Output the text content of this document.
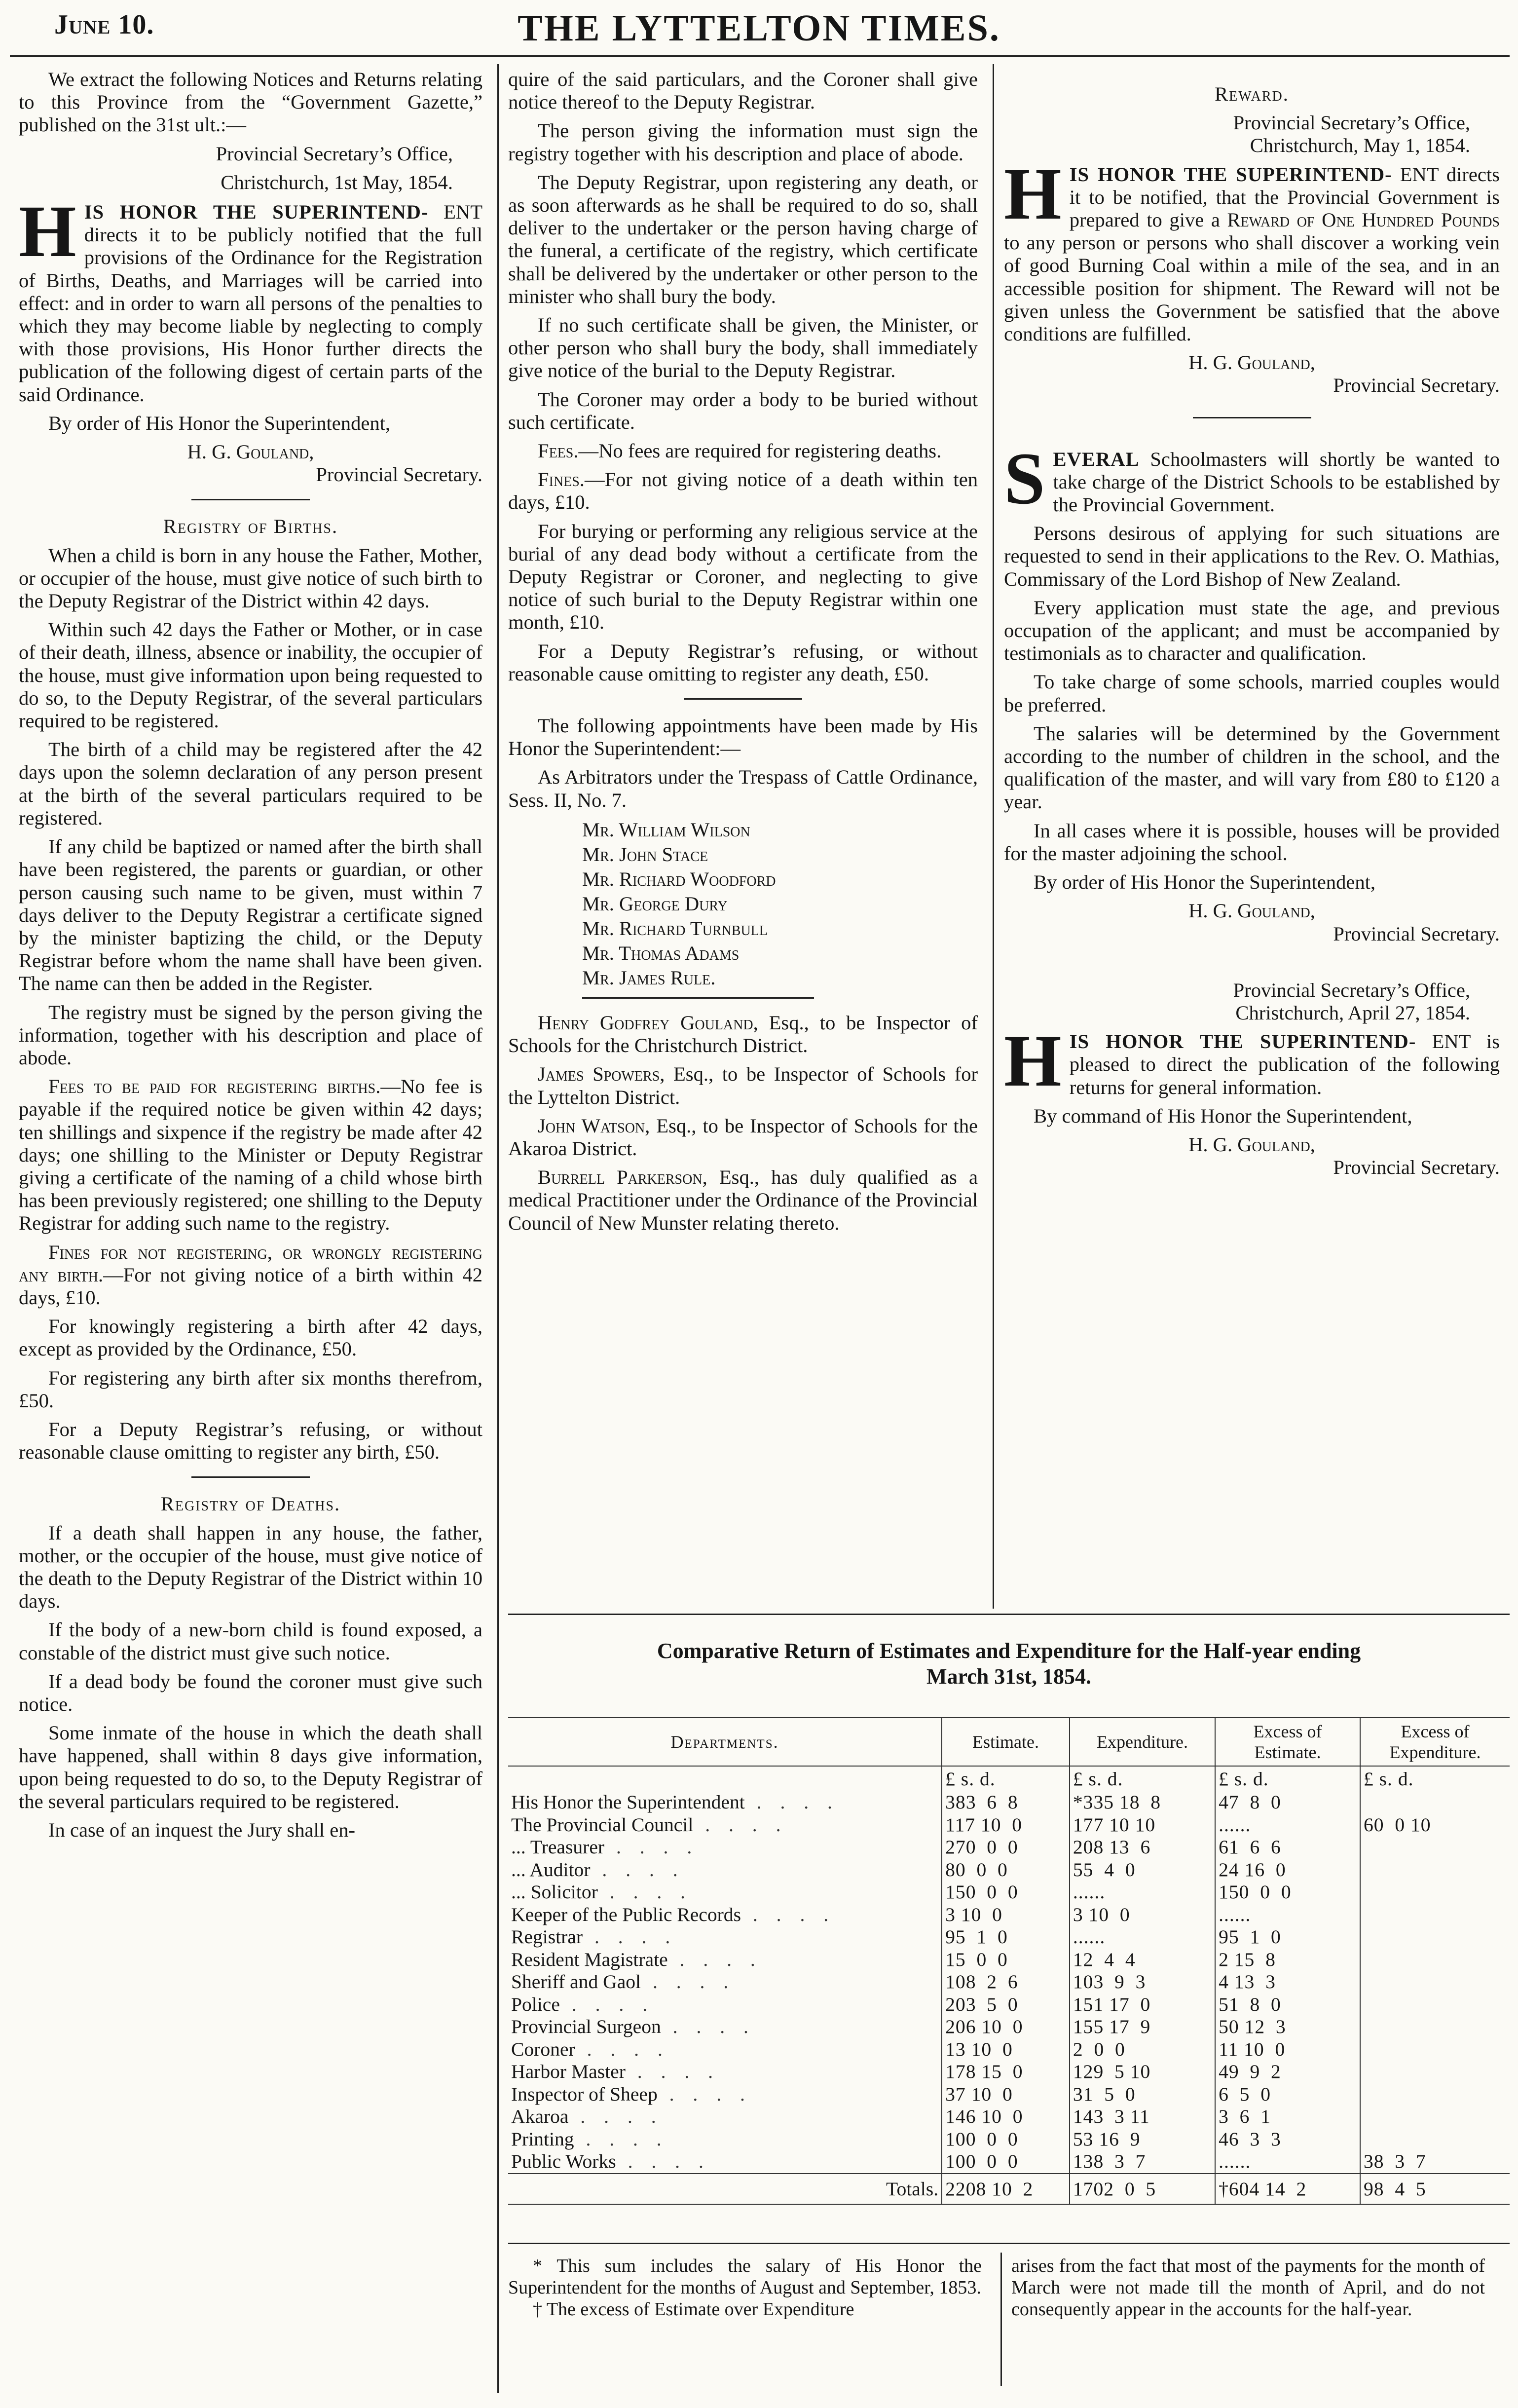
June 10.	THE LYTTELTON TIMES.

We extract the following Notices and Returns relating to this Province from the “Government Gazette,” published on the 31st ult.:—

Provincial Secretary’s Office,

Christchurch, 1st May, 1854.

H IS HONOR THE SUPERINTEND- ENT directs it to be publicly notified that the full provisions of the Ordinance for the Registration of Births, Deaths, and Marriages will be carried into effect: and in order to warn all persons of the penalties to which they may become liable by neglecting to comply with those provisions, His Honor further directs the publication of the following digest of certain parts of the said Ordinance.

By order of His Honor the Superintendent,

H. G. Gouland,

Provincial Secretary.

Registry of Births.

When a child is born in any house the Father, Mother, or occupier of the house, must give notice of such birth to the Deputy Registrar of the District within 42 days.

Within such 42 days the Father or Mother, or in case of their death, illness, absence or inability, the occupier of the house, must give information upon being requested to do so, to the Deputy Registrar, of the several particulars required to be registered.

The birth of a child may be registered after the 42 days upon the solemn declaration of any person present at the birth of the several particulars required to be registered.

If any child be baptized or named after the birth shall have been registered, the parents or guardian, or other person causing such name to be given, must within 7 days deliver to the Deputy Registrar a certificate signed by the minister baptizing the child, or the Deputy Registrar before whom the name shall have been given. The name can then be added in the Register.

The registry must be signed by the person giving the information, together with his description and place of abode.

Fees to be paid for registering births.—No fee is payable if the required notice be given within 42 days; ten shillings and sixpence if the registry be made after 42 days; one shilling to the Minister or Deputy Registrar giving a certificate of the naming of a child whose birth has been previously registered; one shilling to the Deputy Registrar for adding such name to the registry.

Fines for not registering, or wrongly registering any birth.—For not giving notice of a birth within 42 days, £10.

For knowingly registering a birth after 42 days, except as provided by the Ordinance, £50.

For registering any birth after six months therefrom, £50.

For a Deputy Registrar’s refusing, or without reasonable clause omitting to register any birth, £50.

Registry of Deaths.

If a death shall happen in any house, the father, mother, or the occupier of the house, must give notice of the death to the Deputy Registrar of the District within 10 days.

If the body of a new-born child is found exposed, a constable of the district must give such notice.

If a dead body be found the coroner must give such notice.

Some inmate of the house in which the death shall have happened, shall within 8 days give information, upon being requested to do so, to the Deputy Registrar of the several particulars required to be registered.

In case of an inquest the Jury shall en-

quire of the said particulars, and the Coroner shall give notice thereof to the Deputy Registrar.

The person giving the information must sign the registry together with his description and place of abode.

The Deputy Registrar, upon registering any death, or as soon afterwards as he shall be required to do so, shall deliver to the undertaker or the person having charge of the funeral, a certificate of the registry, which certificate shall be delivered by the undertaker or other person to the minister who shall bury the body.

If no such certificate shall be given, the Minister, or other person who shall bury the body, shall immediately give notice of the burial to the Deputy Registrar.

The Coroner may order a body to be buried without such certificate.

Fees.—No fees are required for registering deaths.

Fines.—For not giving notice of a death within ten days, £10.

For burying or performing any religious service at the burial of any dead body without a certificate from the Deputy Registrar or Coroner, and neglecting to give notice of such burial to the Deputy Registrar within one month, £10.

For a Deputy Registrar’s refusing, or without reasonable cause omitting to register any death, £50.

The following appointments have been made by His Honor the Superintendent:—

As Arbitrators under the Trespass of Cattle Ordinance, Sess. II, No. 7.

Mr. William Wilson
Mr. John Stace
Mr. Richard Woodford
Mr. George Dury
Mr. Richard Turnbull
Mr. Thomas Adams
Mr. James Rule.

Henry Godfrey Gouland, Esq., to be Inspector of Schools for the Christchurch District.

James Spowers, Esq., to be Inspector of Schools for the Lyttelton District.

John Watson, Esq., to be Inspector of Schools for the Akaroa District.

Burrell Parkerson, Esq., has duly qualified as a medical Practitioner under the Ordinance of the Provincial Council of New Munster relating thereto.

Reward.

Provincial Secretary’s Office,

Christchurch, May 1, 1854.

H IS HONOR THE SUPERINTEND- ENT directs it to be notified, that the Provincial Government is prepared to give a Reward of One Hundred Pounds to any person or persons who shall discover a working vein of good Burning Coal within a mile of the sea, and in an accessible position for shipment. The Reward will not be given unless the Government be satisfied that the above conditions are fulfilled.

H. G. Gouland,

Provincial Secretary.

S EVERAL Schoolmasters will shortly be wanted to take charge of the District Schools to be established by the Provincial Government.

Persons desirous of applying for such situations are requested to send in their applications to the Rev. O. Mathias, Commissary of the Lord Bishop of New Zealand.

Every application must state the age, and previous occupation of the applicant; and must be accompanied by testimonials as to character and qualification.

To take charge of some schools, married couples would be preferred.

The salaries will be determined by the Government according to the number of children in the school, and the qualification of the master, and will vary from £80 to £120 a year.

In all cases where it is possible, houses will be provided for the master adjoining the school.

By order of His Honor the Superintendent,

H. G. Gouland,

Provincial Secretary.

Provincial Secretary’s Office,

Christchurch, April 27, 1854.

H IS HONOR THE SUPERINTEND- ENT is pleased to direct the publication of the following returns for general information.

By command of His Honor the Superintendent,

H. G. Gouland,

Provincial Secretary.

Comparative Return of Estimates and Expenditure for the Half-year ending
March 31st, 1854.
Departments.	Estimate.	Expenditure.	Excess of Estimate.	Excess of Expenditure.
	£ s. d.	£ s. d.	£ s. d.	£ s. d.
His Honor the Superintendent . . . .	383  6  8	*335 18  8	47  8  0	
The Provincial Council . . . .	117 10  0	177 10 10	......	60  0 10
... Treasurer . . . .	270  0  0	208 13  6	61  6  6	
... Auditor . . . .	80  0  0	55  4  0	24 16  0	
... Solicitor . . . .	150  0  0	......	150  0  0	
Keeper of the Public Records . . . .	3 10  0	3 10  0	......	
Registrar . . . .	95  1  0	......	95  1  0	
Resident Magistrate . . . .	15  0  0	12  4  4	2 15  8	
Sheriff and Gaol . . . .	108  2  6	103  9  3	4 13  3	
Police . . . .	203  5  0	151 17  0	51  8  0	
Provincial Surgeon . . . .	206 10  0	155 17  9	50 12  3	
Coroner . . . .	13 10  0	2  0  0	11 10  0	
Harbor Master . . . .	178 15  0	129  5 10	49  9  2	
Inspector of Sheep . . . .	37 10  0	31  5  0	6  5  0	
Akaroa . . . .	146 10  0	143  3 11	3  6  1	
Printing . . . .	100  0  0	53 16  9	46  3  3	
Public Works . . . .	100  0  0	138  3  7	......	38  3  7
Totals.	2208 10  2	1702  0  5	†604 14  2	98  4  5
* This sum includes the salary of His Honor the Superintendent for the months of August and September, 1853.
† The excess of Estimate over Expenditure
arises from the fact that most of the payments for the month of March were not made till the month of April, and do not consequently appear in the accounts for the half-year.
